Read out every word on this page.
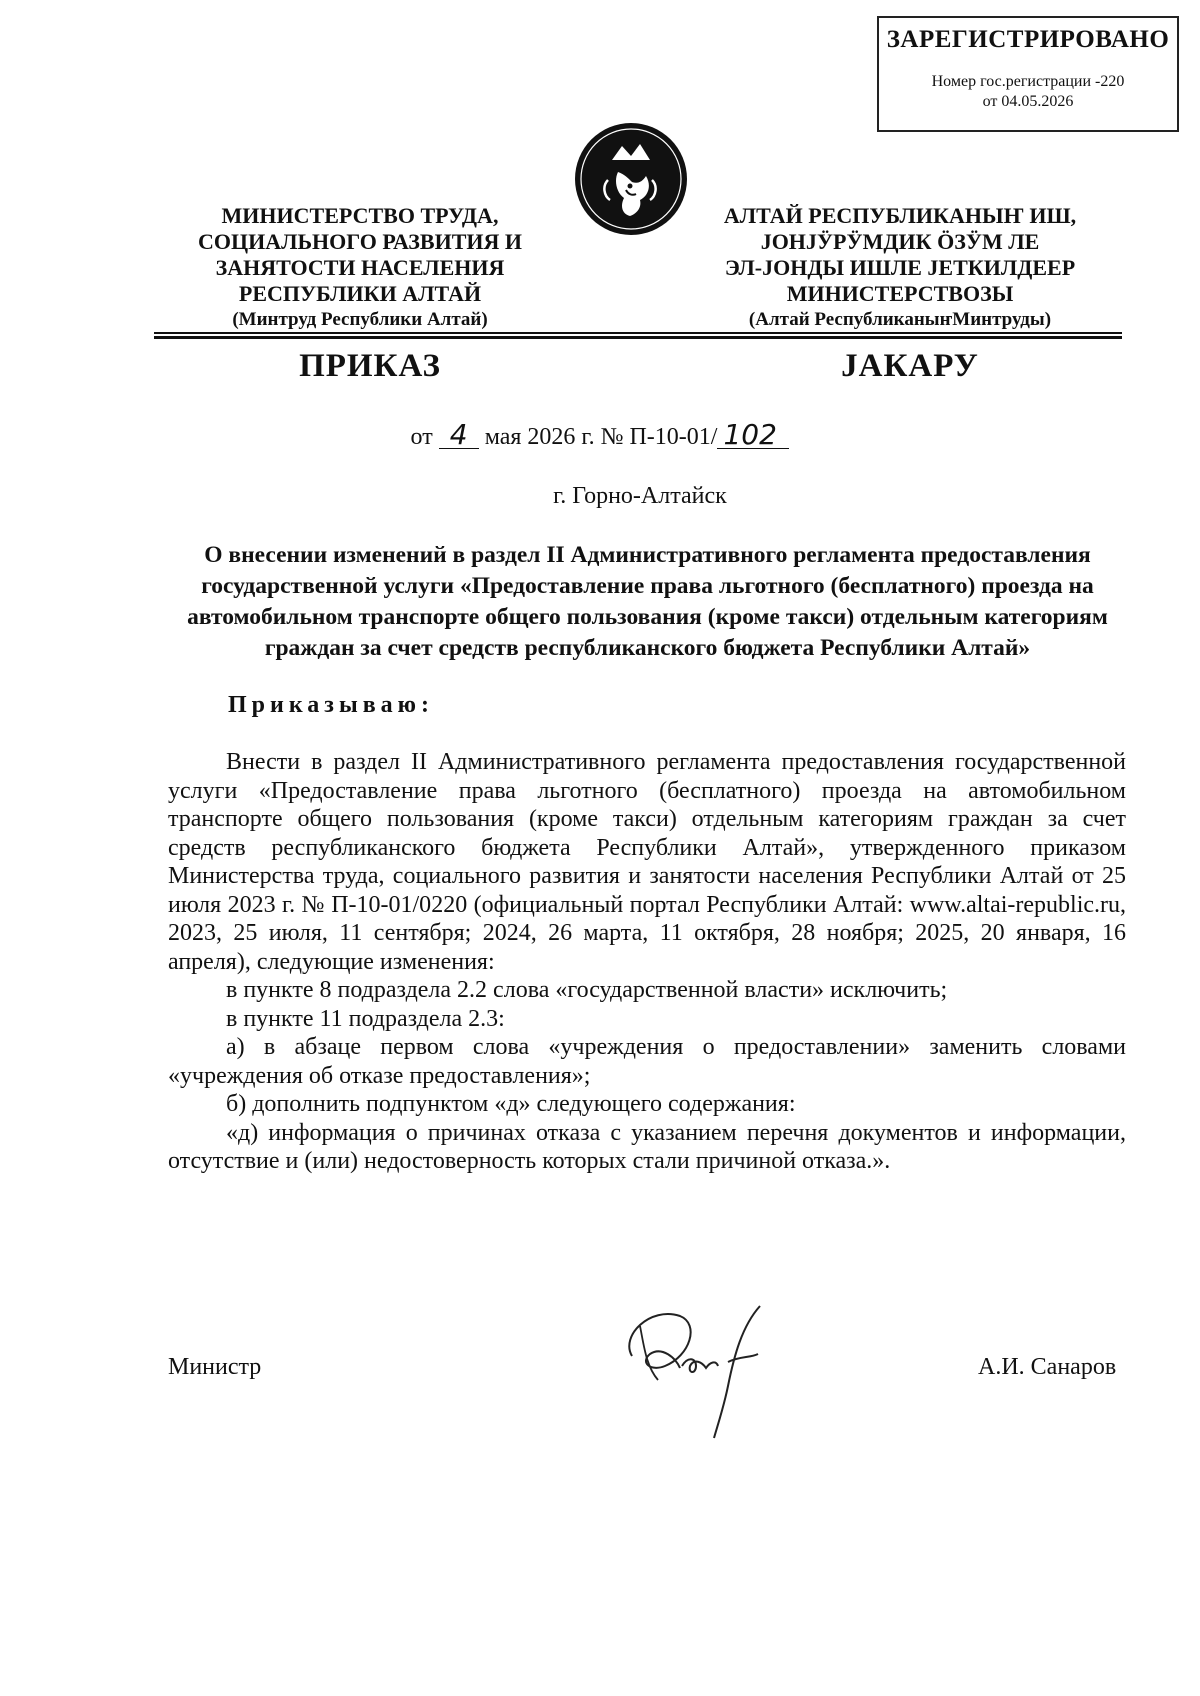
ЗАРЕГИСТРИРОВАНО
Номер гос.регистрации -220
от 04.05.2026
МИНИСТЕРСТВО ТРУДА,
СОЦИАЛЬНОГО РАЗВИТИЯ И
ЗАНЯТОСТИ НАСЕЛЕНИЯ
РЕСПУБЛИКИ АЛТАЙ
(Минтруд Республики Алтай)
АЛТАЙ РЕСПУБЛИКАНЫҤ ИШ,
ЈОНЈӰРӰМДИК ӦЗӰМ ЛЕ
ЭЛ-ЈОНДЫ ИШЛЕ ЈЕТКИЛДЕЕР
МИНИСТЕРСТВОЗЫ
(Алтай РеспубликаныҥМинтруды)
ПРИКАЗ	ЈАКАРУ
от 4 мая 2026 г. № П-10-01/ 102
г. Горно-Алтайск
О внесении изменений в раздел II Административного регламента предоставления государственной услуги «Предоставление права льготного (бесплатного) проезда на автомобильном транспорте общего пользования (кроме такси) отдельным категориям граждан за счет средств республиканского бюджета Республики Алтай»
Приказываю:

Внести в раздел II Административного регламента предоставления государственной услуги «Предоставление права льготного (бесплатного) проезда на автомобильном транспорте общего пользования (кроме такси) отдельным категориям граждан за счет средств республиканского бюджета Республики Алтай», утвержденного приказом Министерства труда, социального развития и занятости населения Республики Алтай от 25 июля 2023 г. № П-10-01/0220 (официальный портал Республики Алтай: www.altai-republic.ru, 2023, 25 июля, 11 сентября; 2024, 26 марта, 11 октября, 28 ноября; 2025, 20 января, 16 апреля), следующие изменения:

в пункте 8 подраздела 2.2 слова «государственной власти» исключить;

в пункте 11 подраздела 2.3:

а) в абзаце первом слова «учреждения о предоставлении» заменить словами «учреждения об отказе предоставления»;

б) дополнить подпунктом «д» следующего содержания:

«д) информация о причинах отказа с указанием перечня документов и информации, отсутствие и (или) недостоверность которых стали причиной отказа.».

Министр	А.И. Санаров
